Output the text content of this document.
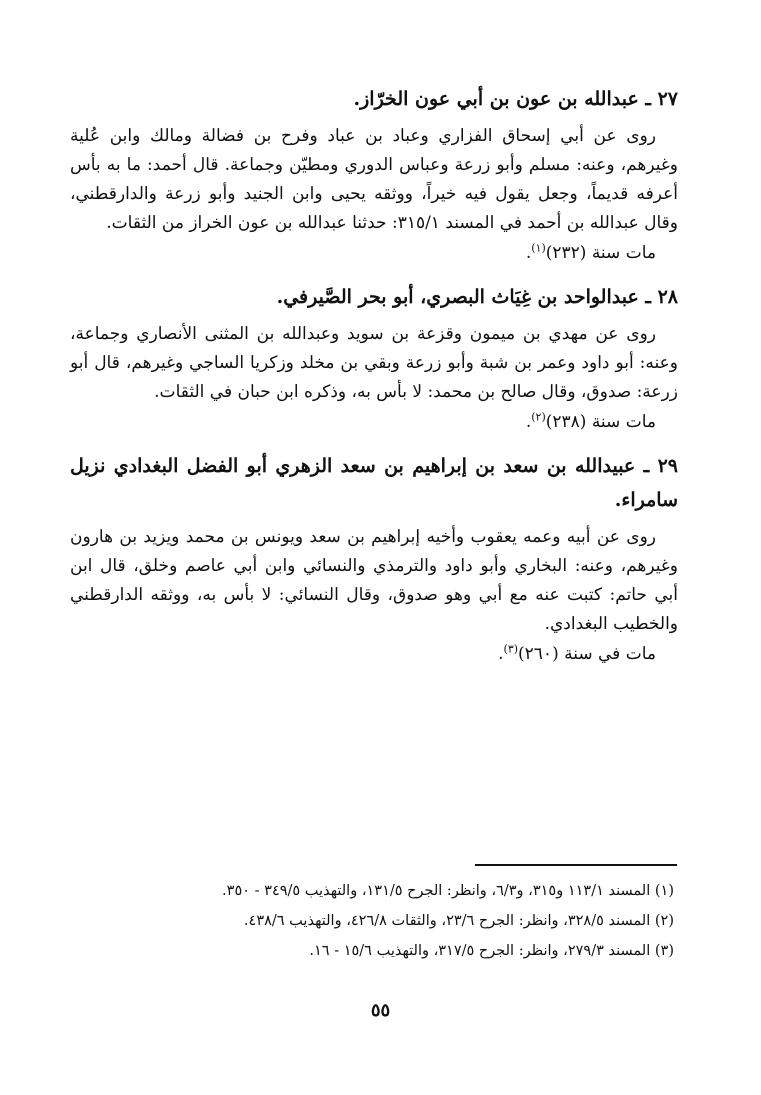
٢٧ ـ عبدالله بن عون بن أبي عون الخرّاز.

روى عن أبي إسحاق الفزاري وعباد بن عباد وفرح بن فضالة ومالك وابن عُلية وغيرهم، وعنه: مسلم وأبو زرعة وعباس الدوري ومطيّن وجماعة. قال أحمد: ما به بأس أعرفه قديماً، وجعل يقول فيه خيراً، ووثقه يحيى وابن الجنيد وأبو زرعة والدارقطني، وقال عبدالله بن أحمد في المسند ٣١٥/١: حدثنا عبدالله بن عون الخراز من الثقات.

مات سنة (٢٣٢)$^{(١)}$.

٢٨ ـ عبدالواحد بن غِيَاث البصري، أبو بحر الصَّيرفي.

روى عن مهدي بن ميمون وقزعة بن سويد وعبدالله بن المثنى الأنصاري وجماعة، وعنه: أبو داود وعمر بن شبة وأبو زرعة وبقي بن مخلد وزكريا الساجي وغيرهم، قال أبو زرعة: صدوق، وقال صالح بن محمد: لا بأس به، وذكره ابن حبان في الثقات.

مات سنة (٢٣٨)$^{(٢)}$.

٢٩ ـ عبيدالله بن سعد بن إبراهيم بن سعد الزهري أبو الفضل البغدادي نزيل سامراء.

روى عن أبيه وعمه يعقوب وأخيه إبراهيم بن سعد ويونس بن محمد ويزيد بن هارون وغيرهم، وعنه: البخاري وأبو داود والترمذي والنسائي وابن أبي عاصم وخلق، قال ابن أبي حاتم: كتبت عنه مع أبي وهو صدوق، وقال النسائي: لا بأس به، ووثقه الدارقطني والخطيب البغدادي.

مات في سنة (٢٦٠)$^{(٣)}$.

(١) المسند ١١٣/١ و٣١٥، و٦/٣، وانظر: الجرح ١٣١/٥، والتهذيب ٣٤٩/٥ - ٣٥٠.

(٢) المسند ٣٢٨/٥، وانظر: الجرح ٢٣/٦، والثقات ٤٢٦/٨، والتهذيب ٤٣٨/٦.

(٣) المسند ٢٧٩/٣، وانظر: الجرح ٣١٧/٥، والتهذيب ١٥/٦ - ١٦.

٥٥
